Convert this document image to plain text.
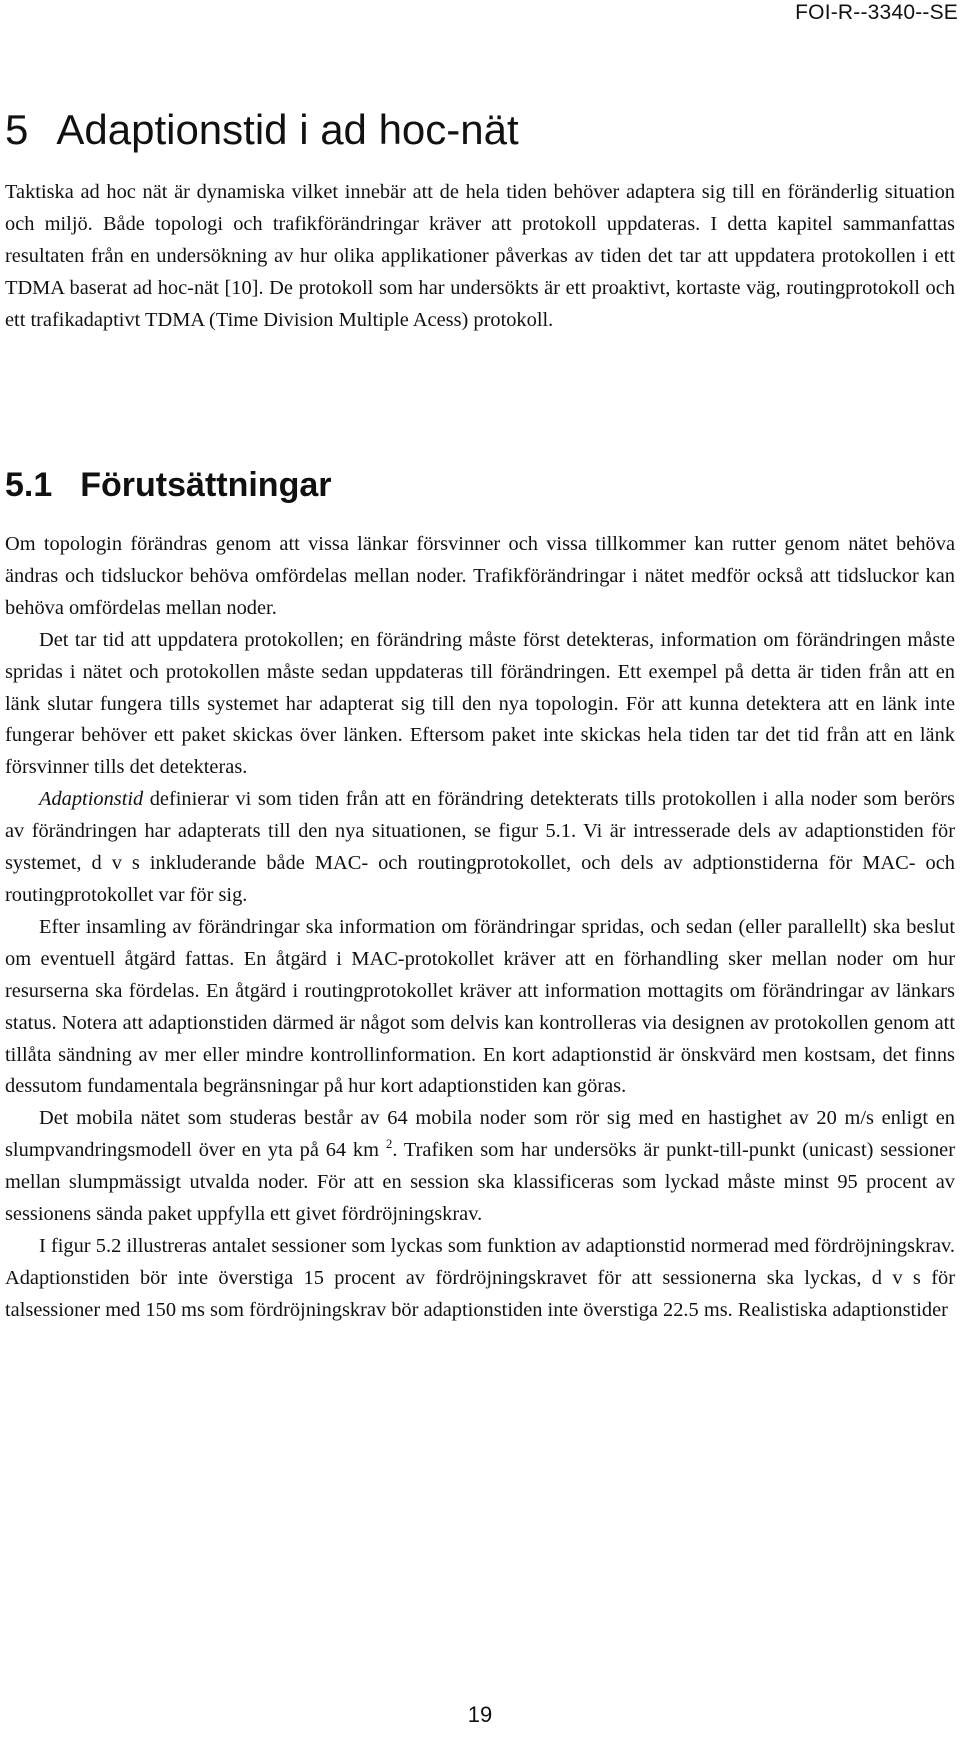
FOI-R--3340--SE
5 Adaptionstid i ad hoc-nät

Taktiska ad hoc nät är dynamiska vilket innebär att de hela tiden behöver adaptera sig till en föränderlig situation och miljö. Både topologi och trafikförändringar kräver att protokoll uppdateras. I detta kapitel sammanfattas resultaten från en undersökning av hur olika applikationer påverkas av tiden det tar att uppdatera protokollen i ett TDMA baserat ad hoc-nät [10]. De protokoll som har undersökts är ett proaktivt, kortaste väg, routingprotokoll och ett trafikadaptivt TDMA (Time Division Multiple Acess) protokoll.

5.1 Förutsättningar

Om topologin förändras genom att vissa länkar försvinner och vissa tillkommer kan rutter genom nätet behöva ändras och tidsluckor behöva omfördelas mellan noder. Trafikförändringar i nätet medför också att tidsluckor kan behöva omfördelas mellan noder.

Det tar tid att uppdatera protokollen; en förändring måste först detekteras, information om förändringen måste spridas i nätet och protokollen måste sedan uppdateras till förändringen. Ett exempel på detta är tiden från att en länk slutar fungera tills systemet har adapterat sig till den nya topologin. För att kunna detektera att en länk inte fungerar behöver ett paket skickas över länken. Eftersom paket inte skickas hela tiden tar det tid från att en länk försvinner tills det detekteras.

Adaptionstid definierar vi som tiden från att en förändring detekterats tills protokollen i alla noder som berörs av förändringen har adapterats till den nya situationen, se figur 5.1. Vi är intresserade dels av adaptionstiden för systemet, d v s inkluderande både MAC- och routingprotokollet, och dels av adptionstiderna för MAC- och routingprotokollet var för sig.

Efter insamling av förändringar ska information om förändringar spridas, och sedan (eller parallellt) ska beslut om eventuell åtgärd fattas. En åtgärd i MAC-protokollet kräver att en förhandling sker mellan noder om hur resurserna ska fördelas. En åtgärd i routingprotokollet kräver att information mottagits om förändringar av länkars status. Notera att adaptionstiden därmed är något som delvis kan kontrolleras via designen av protokollen genom att tillåta sändning av mer eller mindre kontrollinformation. En kort adaptionstid är önskvärd men kostsam, det finns dessutom fundamentala begränsningar på hur kort adaptionstiden kan göras.

Det mobila nätet som studeras består av 64 mobila noder som rör sig med en hastighet av 20 m/s enligt en slumpvandringsmodell över en yta på 64 km $^2$. Trafiken som har undersöks är punkt-till-punkt (unicast) sessioner mellan slumpmässigt utvalda noder. För att en session ska klassificeras som lyckad måste minst 95 procent av sessionens sända paket uppfylla ett givet fördröjningskrav.

I figur 5.2 illustreras antalet sessioner som lyckas som funktion av adaptionstid normerad med fördröjningskrav. Adaptionstiden bör inte överstiga 15 procent av fördröjningskravet för att sessionerna ska lyckas, d v s för talsessioner med 150 ms som fördröjningskrav bör adaptionstiden inte överstiga 22.5 ms. Realistiska adaptionstider

19
